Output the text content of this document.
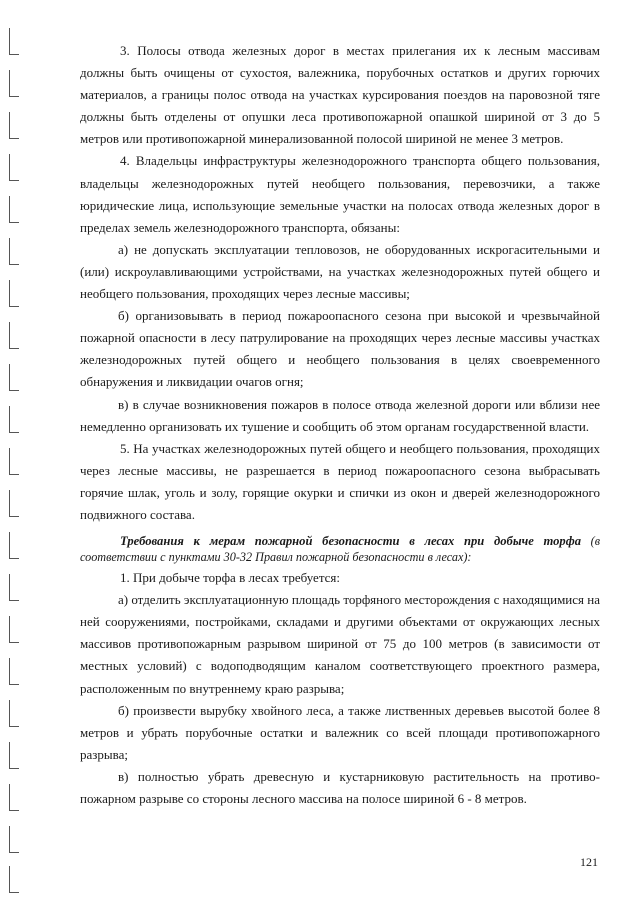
3. Полосы отвода железных дорог в местах прилегания их к лесным массивам должны быть очищены от сухостоя, валежника, порубочных остатков и других горючих материалов, а границы полос отвода на участках курсирования поездов на паровозной тяге должны быть отделены от опушки леса противопожарной опашкой шириной от 3 до 5 метров или противопожарной минерализованной полосой шириной не менее 3 метров.

4. Владельцы инфраструктуры железнодорожного транспорта общего пользования, владельцы железнодорожных путей необщего пользования, перевозчики, а также юридические лица, использующие земельные участки на полосах отвода железных дорог в пределах земель железнодорожного транспорта, обязаны:

а) не допускать эксплуатации тепловозов, не оборудованных искрогасительными и (или) искроулавливающими устройствами, на участках железнодорожных путей общего и необщего пользования, проходящих через лесные массивы;

б) организовывать в период пожароопасного сезона при высокой и чрезвычайной пожарной опасности в лесу патрулирование на проходящих через лесные массивы участках железнодорожных путей общего и необщего пользования в целях своевременного обнаружения и ликвидации очагов огня;

в) в случае возникновения пожаров в полосе отвода железной дороги или вблизи нее немедленно организовать их тушение и сообщить об этом органам государственной власти.

5. На участках железнодорожных путей общего и необщего пользования, проходящих через лесные массивы, не разрешается в период пожароопасного сезона выбрасывать горячие шлак, уголь и золу, горящие окурки и спички из окон и дверей железнодорожного подвижного состава.

Требования к мерам пожарной безопасности в лесах при добыче торфа (в соответствии с пунктами 30-32 Правил пожарной безопасности в лесах):

1. При добыче торфа в лесах требуется:

а) отделить эксплуатационную площадь торфяного месторождения с находящимися на ней сооружениями, постройками, складами и другими объектами от окружающих лесных массивов противопожарным разрывом шириной от 75 до 100 метров (в зависимости от местных условий) с водоподводящим каналом соответствующего проектного размера, расположенным по внутреннему краю разрыва;

б) произвести вырубку хвойного леса, а также лиственных деревьев высотой более 8 метров и убрать порубочные остатки и валежник со всей площади противопожарного разрыва;

в) полностью убрать древесную и кустарниковую растительность на противо-пожарном разрыве со стороны лесного массива на полосе шириной 6 - 8 метров.

121
